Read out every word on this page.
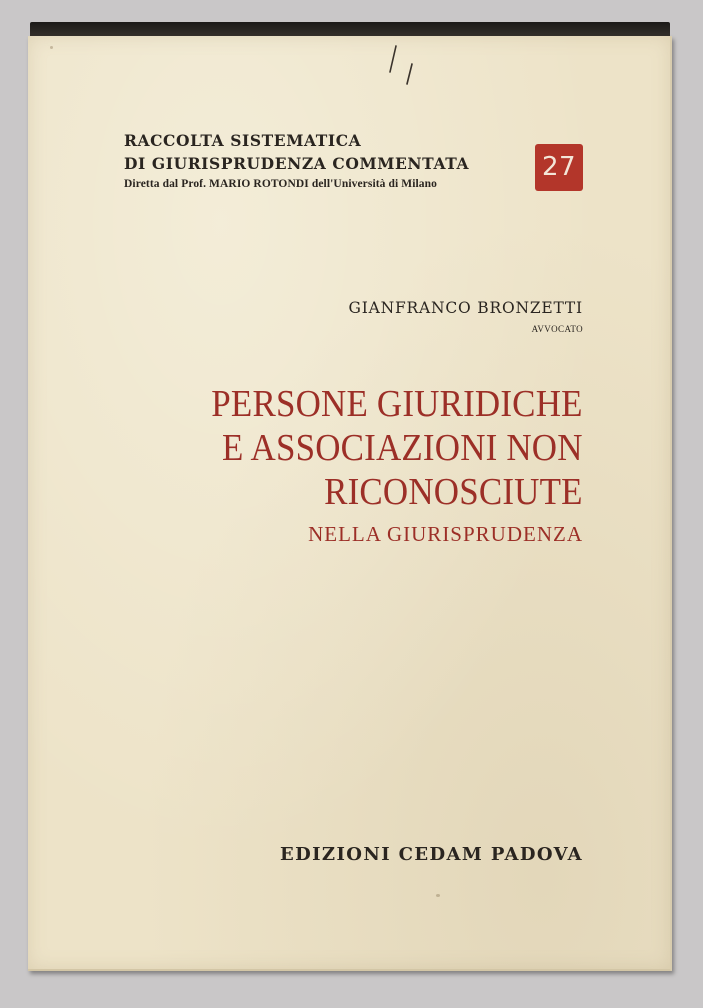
RACCOLTA SISTEMATICA
DI GIURISPRUDENZA COMMENTATA
Diretta dal Prof. MARIO ROTONDI dell'Università di Milano
27
GIANFRANCO BRONZETTI
AVVOCATO
PERSONE GIURIDICHE
E ASSOCIAZIONI NON
RICONOSCIUTE
NELLA GIURISPRUDENZA
EDIZIONI CEDAM PADOVA
